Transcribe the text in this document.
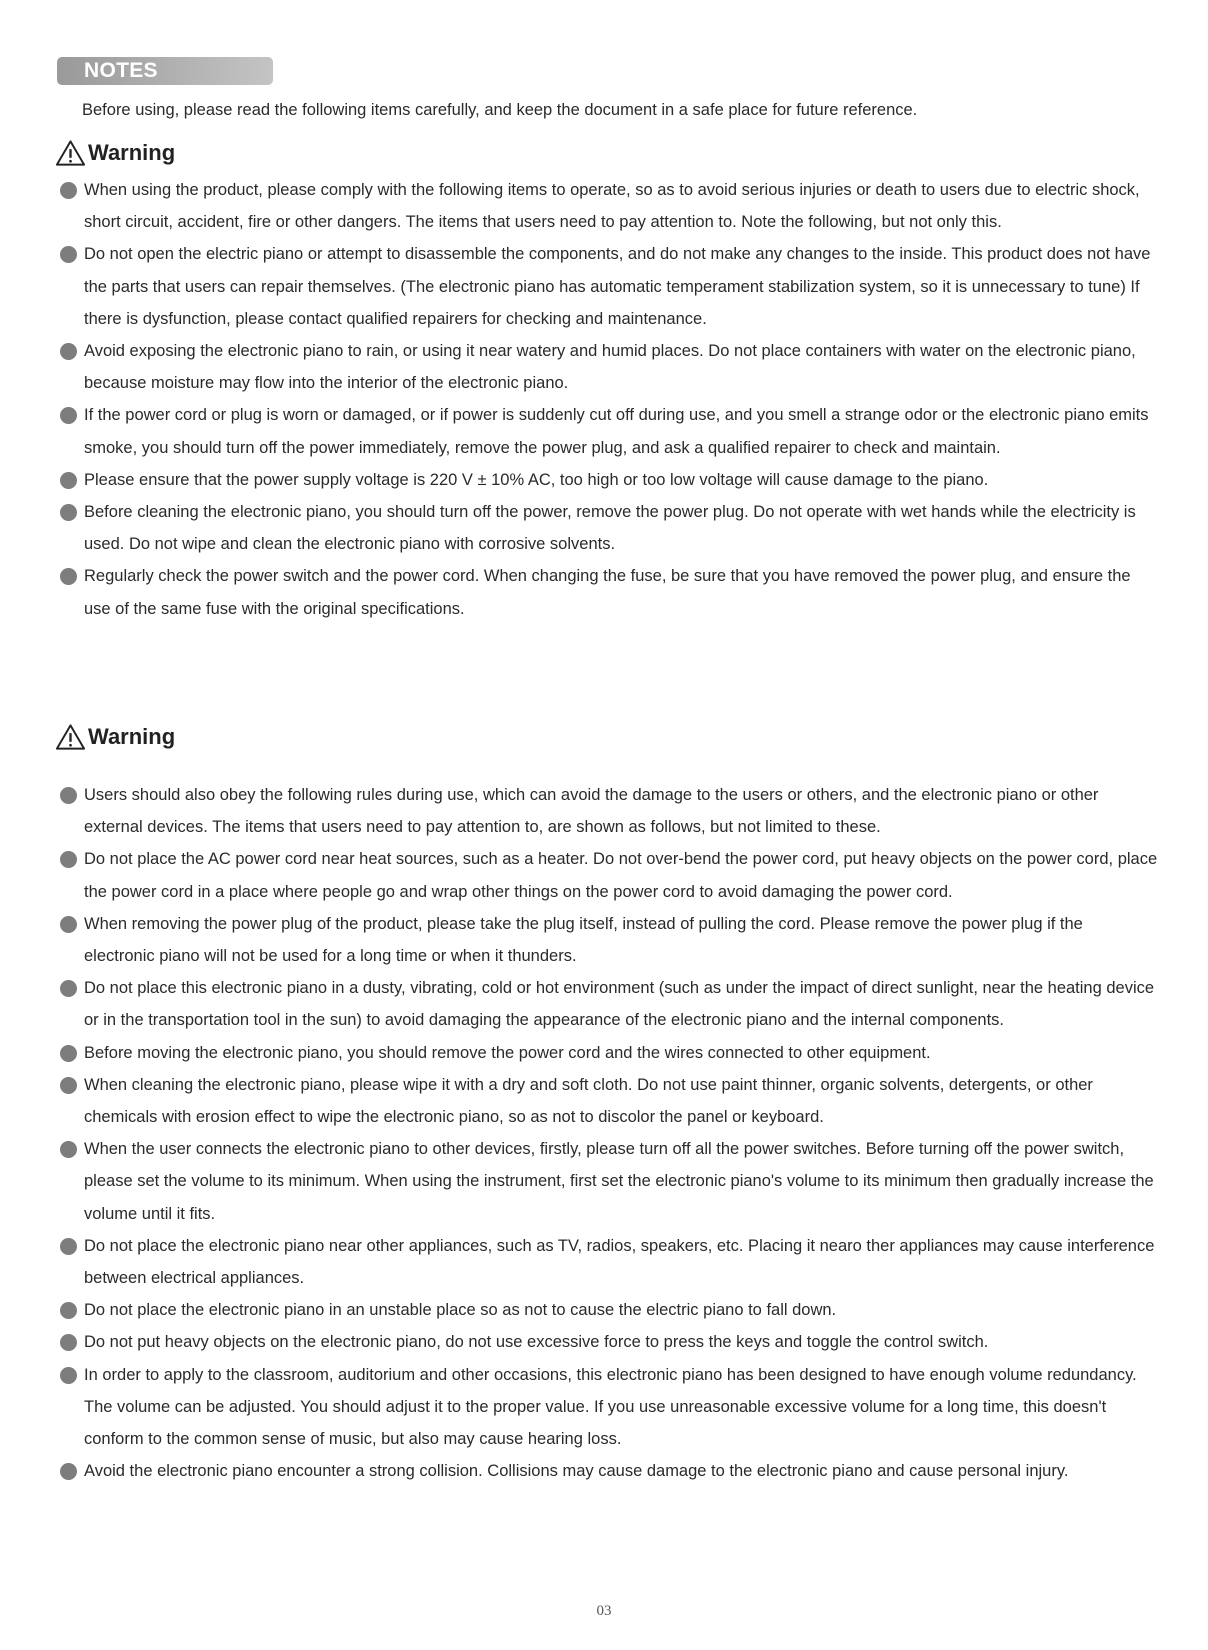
NOTES

Before using, please read the following items carefully, and keep the document in a safe place for future reference.

Warning
When using the product, please comply with the following items to operate, so as to avoid serious injuries or death to users due to electric shock, short circuit, accident, fire or other dangers. The items that users need to pay attention to. Note the following, but not only this.
Do not open the electric piano or attempt to disassemble the components, and do not make any changes to the inside. This product does not have the parts that users can repair themselves. (The electronic piano has automatic temperament stabilization system, so it is unnecessary to tune) If there is dysfunction, please contact qualified repairers for checking and maintenance.
Avoid exposing the electronic piano to rain, or using it near watery and humid places. Do not place containers with water on the electronic piano, because moisture may flow into the interior of the electronic piano.
If the power cord or plug is worn or damaged, or if power is suddenly cut off during use, and you smell a strange odor or the electronic piano emits smoke, you should turn off the power immediately, remove the power plug, and ask a qualified repairer to check and maintain.
Please ensure that the power supply voltage is 220 V ± 10% AC, too high or too low voltage will cause damage to the piano.
Before cleaning the electronic piano, you should turn off the power, remove the power plug. Do not operate with wet hands while the electricity is used. Do not wipe and clean the electronic piano with corrosive solvents.
Regularly check the power switch and the power cord. When changing the fuse, be sure that you have removed the power plug, and ensure the use of the same fuse with the original specifications.
Warning
Users should also obey the following rules during use, which can avoid the damage to the users or others, and the electronic piano or other external devices. The items that users need to pay attention to, are shown as follows, but not limited to these.
Do not place the AC power cord near heat sources, such as a heater. Do not over-bend the power cord, put heavy objects on the power cord, place the power cord in a place where people go and wrap other things on the power cord to avoid damaging the power cord.
When removing the power plug of the product, please take the plug itself, instead of pulling the cord. Please remove the power plug if the electronic piano will not be used for a long time or when it thunders.
Do not place this electronic piano in a dusty, vibrating, cold or hot environment (such as under the impact of direct sunlight, near the heating device or in the transportation tool in the sun) to avoid damaging the appearance of the electronic piano and the internal components.
Before moving the electronic piano, you should remove the power cord and the wires connected to other equipment.
When cleaning the electronic piano, please wipe it with a dry and soft cloth. Do not use paint thinner, organic solvents, detergents, or other chemicals with erosion effect to wipe the electronic piano, so as not to discolor the panel or keyboard.
When the user connects the electronic piano to other devices, firstly, please turn off all the power switches. Before turning off the power switch, please set the volume to its minimum. When using the instrument, first set the electronic piano's volume to its minimum then gradually increase the volume until it fits.
Do not place the electronic piano near other appliances, such as TV, radios, speakers, etc. Placing it nearo ther appliances may cause interference between electrical appliances.
Do not place the electronic piano in an unstable place so as not to cause the electric piano to fall down.
Do not put heavy objects on the electronic piano, do not use excessive force to press the keys and toggle the control switch.
In order to apply to the classroom, auditorium and other occasions, this electronic piano has been designed to have enough volume redundancy. The volume can be adjusted. You should adjust it to the proper value. If you use unreasonable excessive volume for a long time, this doesn't conform to the common sense of music, but also may cause hearing loss.
Avoid the electronic piano encounter a strong collision. Collisions may cause damage to the electronic piano and cause personal injury.
03
